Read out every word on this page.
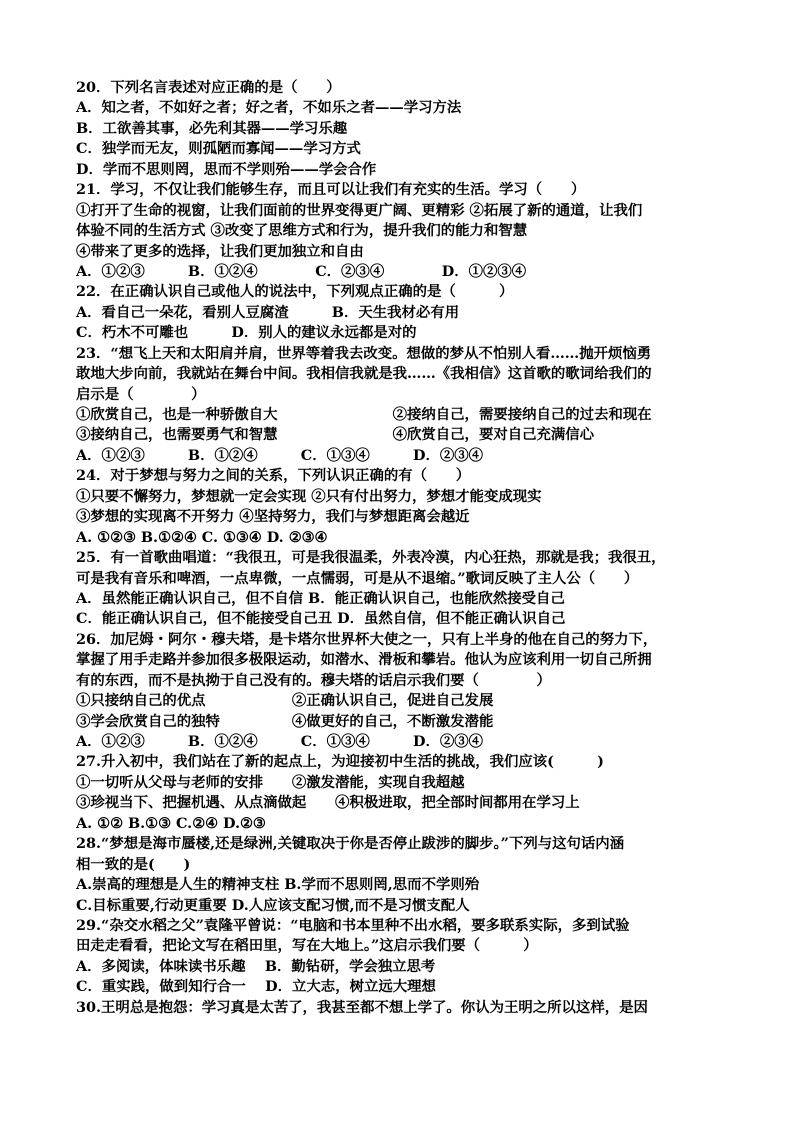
20．下列名言表述对应正确的是（　　）
A．知之者，不如好之者；好之者，不如乐之者——学习方法
B．工欲善其事，必先利其器——学习乐趣
C．独学而无友，则孤陋而寡闻——学习方式
D．学而不思则罔，思而不学则殆——学会合作
21．学习，不仅让我们能够生存，而且可以让我们有充实的生活。学习（　　）
①打开了生命的视窗，让我们面前的世界变得更广阔、更精彩 ②拓展了新的通道，让我们
体验不同的生活方式 ③改变了思维方式和行为，提升我们的能力和智慧
④带来了更多的选择，让我们更加独立和自由
A．①②③　　　B．①②④　　　　C．②③④　　　　D．①②③④
22．在正确认识自己或他人的说法中，下列观点正确的是（　　　）
A．看自己一朵花，看别人豆腐渣　　　B．天生我材必有用
C．朽木不可雕也　　　D．别人的建议永远都是对的
23．“想飞上天和太阳肩并肩，世界等着我去改变。想做的梦从不怕别人看……抛开烦恼勇
敢地大步向前，我就站在舞台中间。我相信我就是我……《我相信》这首歌的歌词给我们的
启示是（　　　　）
①欣赏自己，也是一种骄傲自大　　　　　　　　②接纳自己，需要接纳自己的过去和现在
③接纳自己，也需要勇气和智慧　　　　　　　　④欣赏自己，要对自己充满信心
A．①②③　　　B．①②④　　　C．①③④　　　D．②③④
24．对于梦想与努力之间的关系，下列认识正确的有（　　）
①只要不懈努力，梦想就一定会实现 ②只有付出努力，梦想才能变成现实
③梦想的实现离不开努力 ④坚持努力，我们与梦想距离会越近
A. ①②③ B.①②④ C. ①③④ D. ②③④
25．有一首歌曲唱道：“我很丑，可是我很温柔，外表冷漠，内心狂热，那就是我；我很丑，
可是我有音乐和啤酒，一点卑微，一点懦弱，可是从不退缩。”歌词反映了主人公（　　）
A．虽然能正确认识自己，但不自信 B．能正确认识自己，也能欣然接受自己
C．能正确认识自己，但不能接受自己丑 D．虽然自信，但不能正确认识自己
26．加尼姆・阿尔・穆夫塔，是卡塔尔世界杯大使之一，只有上半身的他在自己的努力下，
掌握了用手走路并参加很多极限运动，如潜水、滑板和攀岩。他认为应该利用一切自己所拥
有的东西，而不是执拗于自己没有的。穆夫塔的话启示我们要（　　　　）
①只接纳自己的优点　　　　　　②正确认识自己，促进自己发展
③学会欣赏自己的独特　　　　　④做更好的自己，不断激发潜能
A．①②③　　　B．①②④　　　C．①③④　　　D．②③④
27.升入初中，我们站在了新的起点上，为迎接初中生活的挑战，我们应该(　　　)
①一切听从父母与老师的安排　　②激发潜能，实现自我超越
③珍视当下、把握机遇、从点滴做起　　④积极进取，把全部时间都用在学习上
A. ①② B.①③ C.②④ D.②③
28.“梦想是海市蜃楼,还是绿洲,关键取决于你是否停止跋涉的脚步。”下列与这句话内涵
相一致的是(　　)
A.崇高的理想是人生的精神支柱 B.学而不思则罔,思而不学则殆
C.目标重要,行动更重要 D.人应该支配习惯,而不是习惯支配人
29.“杂交水稻之父”袁隆平曾说：“电脑和书本里种不出水稻，要多联系实际，多到试验
田走走看看，把论文写在稻田里，写在大地上。”这启示我们要（　　　）
A．多阅读，体味读书乐趣　 B．勤钻研，学会独立思考
C．重实践，做到知行合一　 D．立大志，树立远大理想
30.王明总是抱怨：学习真是太苦了，我甚至都不想上学了。你认为王明之所以这样，是因
